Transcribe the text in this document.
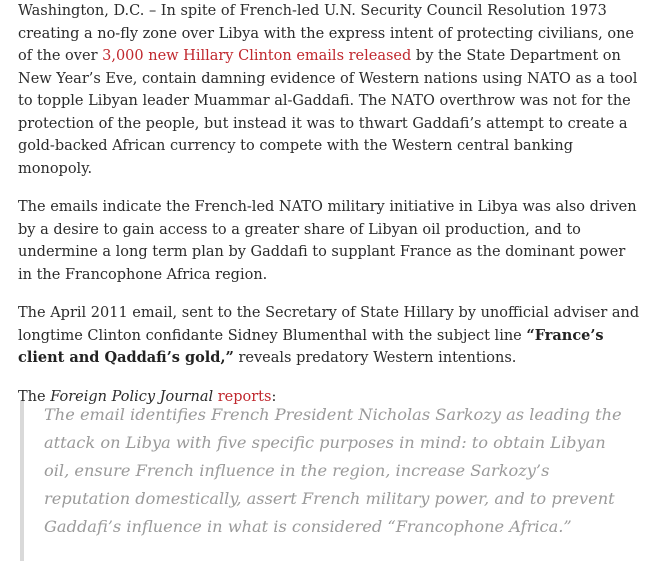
Washington, D.C. – In spite of French-led U.N. Security Council Resolution 1973 creating a no-fly zone over Libya with the express intent of protecting civilians, one of the over 3,000 new Hillary Clinton emails released by the State Department on New Year’s Eve, contain damning evidence of Western nations using NATO as a tool to topple Libyan leader Muammar al-Gaddafi. The NATO overthrow was not for the protection of the people, but instead it was to thwart Gaddafi’s attempt to create a gold-backed African currency to compete with the Western central banking monopoly.

The emails indicate the French-led NATO military initiative in Libya was also driven by a desire to gain access to a greater share of Libyan oil production, and to undermine a long term plan by Gaddafi to supplant France as the dominant power in the Francophone Africa region.

The April 2011 email, sent to the Secretary of State Hillary by unofficial adviser and longtime Clinton confidante Sidney Blumenthal with the subject line “France’s client and Qaddafi’s gold,” reveals predatory Western intentions.

The Foreign Policy Journal reports:

The email identifies French President Nicholas Sarkozy as leading the attack on Libya with five specific purposes in mind: to obtain Libyan oil, ensure French influence in the region, increase Sarkozy’s reputation domestically, assert French military power, and to prevent Gaddafi’s influence in what is considered “Francophone Africa.”
